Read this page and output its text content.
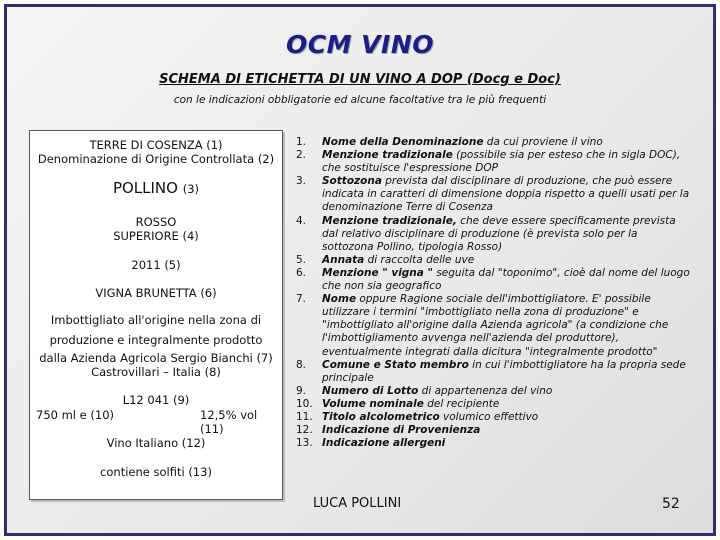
OCM VINO
SCHEMA DI ETICHETTA DI UN VINO A DOP (Docg e Doc)
con le indicazioni obbligatorie ed alcune facoltative tra le più frequenti
TERRE DI COSENZA (1)
Denominazione di Origine Controllata (2)
POLLINO (3)
ROSSO
SUPERIORE (4)
2011 (5)
VIGNA BRUNETTA (6)
Imbottigliato all'origine nella zona di
produzione e integralmente prodotto
dalla Azienda Agricola Sergio Bianchi (7)
Castrovillari – Italia (8)
L12 041 (9)
750 ml e (10)	12,5% vol (11)
Vino Italiano (12)
contiene solfiti (13)
1.	Nome della Denominazione da cui proviene il vino
2.	Menzione tradizionale (possibile sia per esteso che in sigla DOC), che sostituisce l'espressione DOP
3.	Sottozona prevista dal disciplinare di produzione, che può essere indicata in caratteri di dimensione doppia rispetto a quelli usati per la denominazione Terre di Cosenza
4.	Menzione tradizionale, che deve essere specificamente prevista dal relativo disciplinare di produzione (è prevista solo per la sottozona Pollino, tipologia Rosso)
5.	Annata di raccolta delle uve
6.	Menzione " vigna " seguita dal "toponimo", cioè dal nome del luogo che non sia geografico
7.	Nome oppure Ragione sociale dell'imbottigliatore. E' possibile utilizzare i termini "imbottigliato nella zona di produzione" e "imbottigliato all'origine dalla Azienda agricola" (a condizione che l'imbottigliamento avvenga nell'azienda del produttore), eventualmente integrati dalla dicitura "integralmente prodotto"
8.	Comune e Stato membro in cui l'imbottigliatore ha la propria sede principale
9.	Numero di Lotto di appartenenza del vino
10. Volume nominale del recipiente
11. Titolo alcolometrico volumico effettivo
12. Indicazione di Provenienza
13. Indicazione allergeni
LUCA POLLINI	52
